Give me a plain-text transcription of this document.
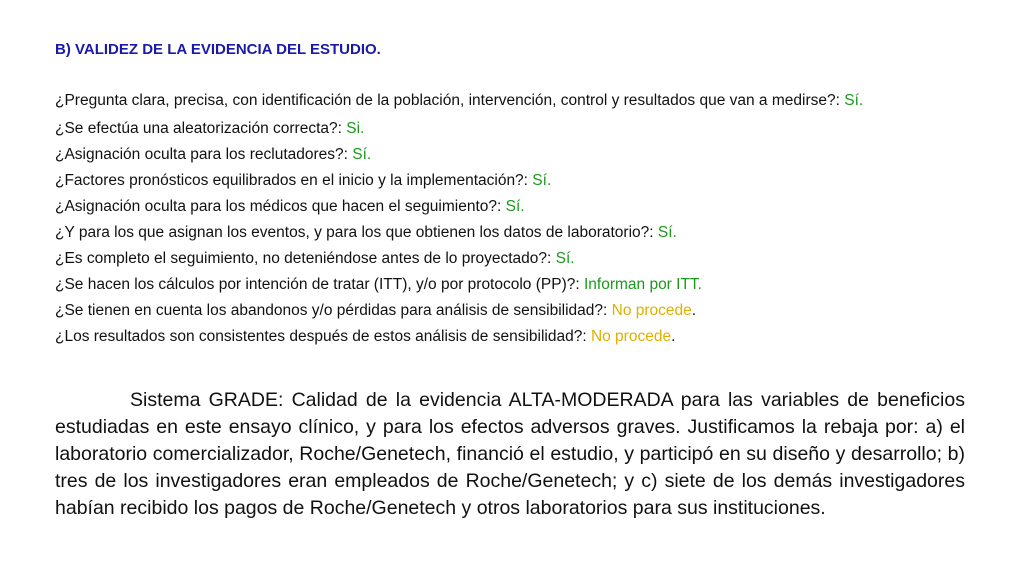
B) VALIDEZ DE LA EVIDENCIA DEL ESTUDIO.
¿Pregunta clara, precisa, con identificación de la población, intervención, control y resultados que van a medirse?: Sí.
¿Se efectúa una aleatorización correcta?: Si.
¿Asignación oculta para los reclutadores?: Sí.
¿Factores pronósticos equilibrados en el inicio y la implementación?: Sí.
¿Asignación oculta para los médicos que hacen el seguimiento?: Sí.
¿Y para los que asignan los eventos, y para los que obtienen los datos de laboratorio?: Sí.
¿Es completo el seguimiento, no deteniéndose antes de lo proyectado?: Sí.
¿Se hacen los cálculos por intención de tratar (ITT), y/o por protocolo (PP)?: Informan por ITT.
¿Se tienen en cuenta los abandonos y/o pérdidas para análisis de sensibilidad?: No procede.
¿Los resultados son consistentes después de estos análisis de sensibilidad?: No procede.

Sistema GRADE: Calidad de la evidencia ALTA-MODERADA para las variables de beneficios estudiadas en este ensayo clínico, y para los efectos adversos graves. Justificamos la rebaja por: a) el laboratorio comercializador, Roche/Genetech, financió el estudio, y participó en su diseño y desarrollo; b) tres de los investigadores eran empleados de Roche/Genetech; y c) siete de los demás investigadores habían recibido los pagos de Roche/Genetech y otros laboratorios para sus instituciones.
